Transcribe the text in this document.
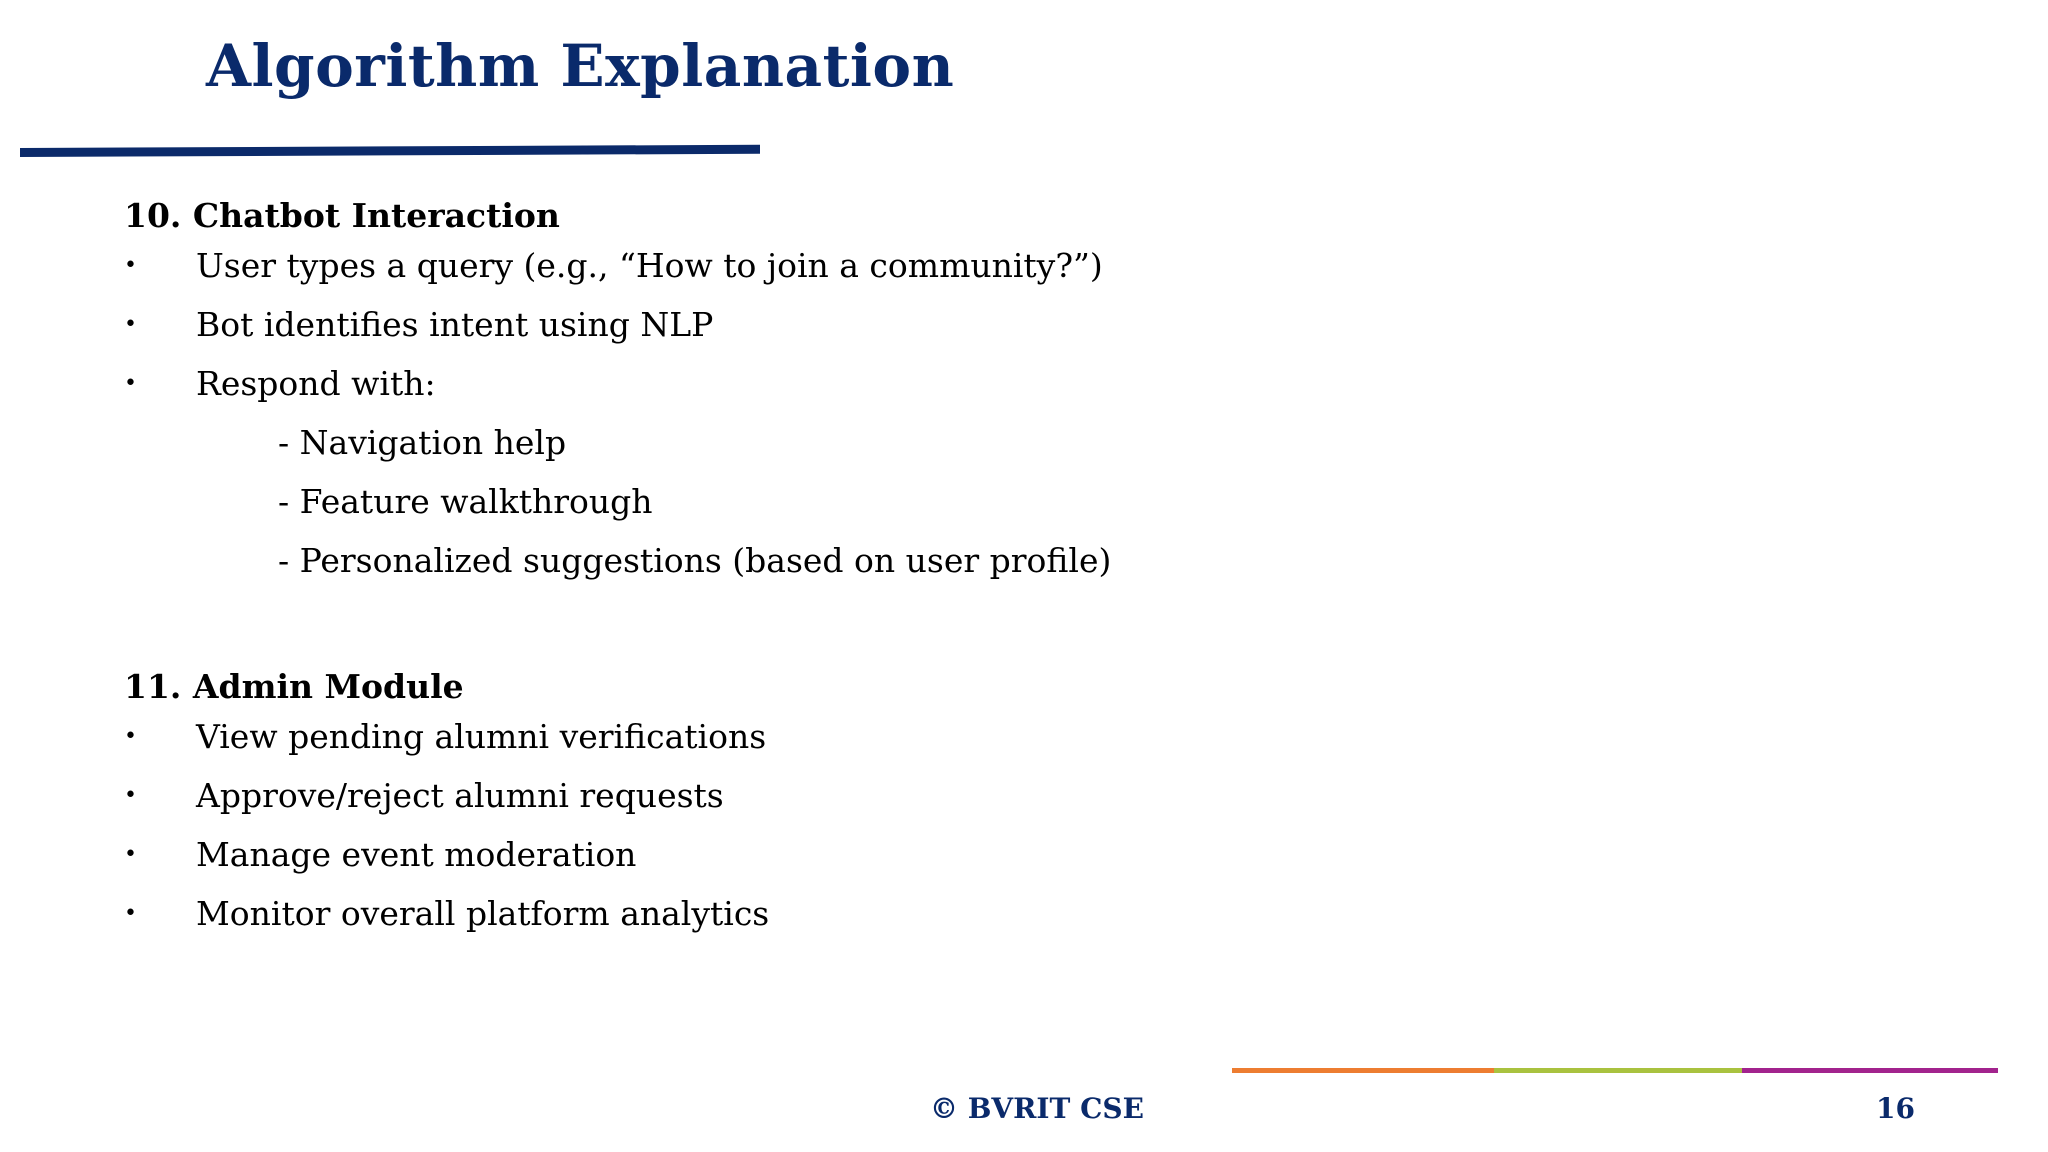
Algorithm Explanation
10. Chatbot Interaction
• User types a query (e.g., “How to join a community?”)
• Bot identifies intent using NLP
• Respond with:
- Navigation help
- Feature walkthrough
- Personalized suggestions (based on user profile)
11. Admin Module
• View pending alumni verifications
• Approve/reject alumni requests
• Manage event moderation
• Monitor overall platform analytics
© BVRIT CSE	16
